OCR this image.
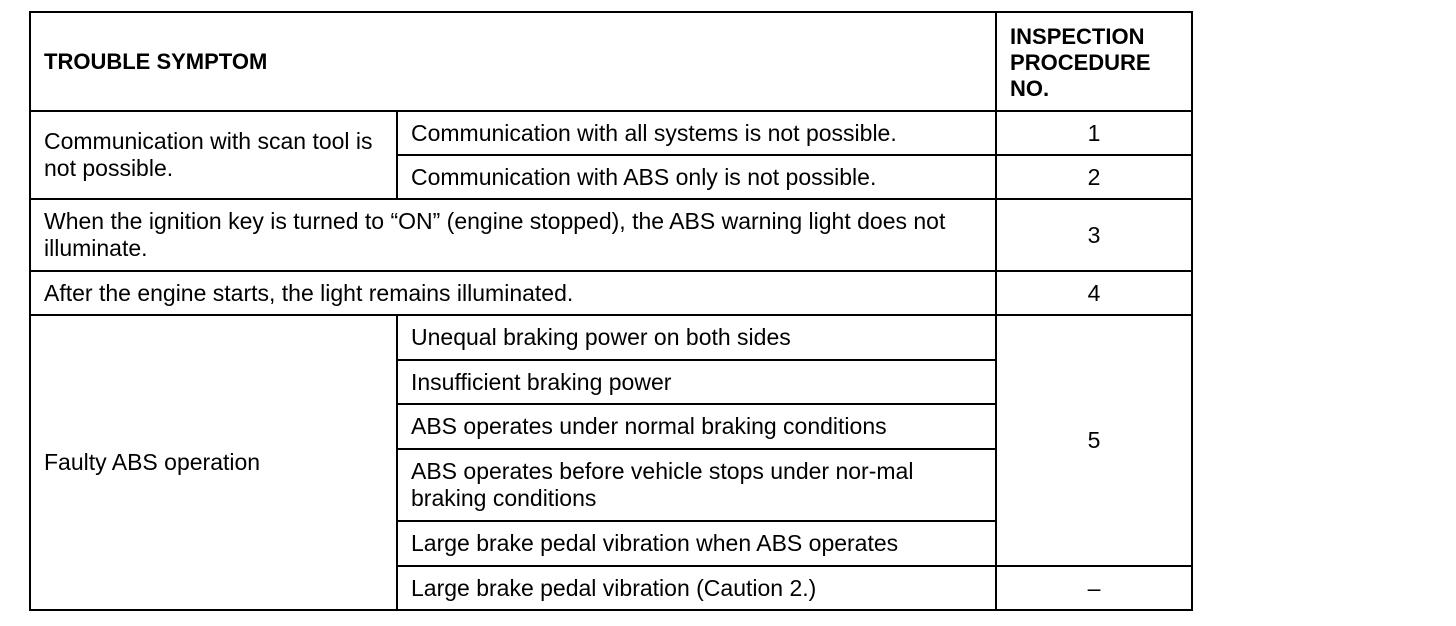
TROUBLE SYMPTOM		INSPECTION PROCEDURE NO.
Communication with scan tool is not possible.	Communication with all systems is not possible.	1
	Communication with ABS only is not possible.	2
When the ignition key is turned to “ON” (engine stopped), the ABS warning light does not illuminate.		3
After the engine starts, the light remains illuminated.		4
Faulty ABS operation	Unequal braking power on both sides	5
	Insufficient braking power	
	ABS operates under normal braking conditions	
	ABS operates before vehicle stops under nor-mal braking conditions	
	Large brake pedal vibration when ABS operates	
	Large brake pedal vibration (Caution 2.)	–
